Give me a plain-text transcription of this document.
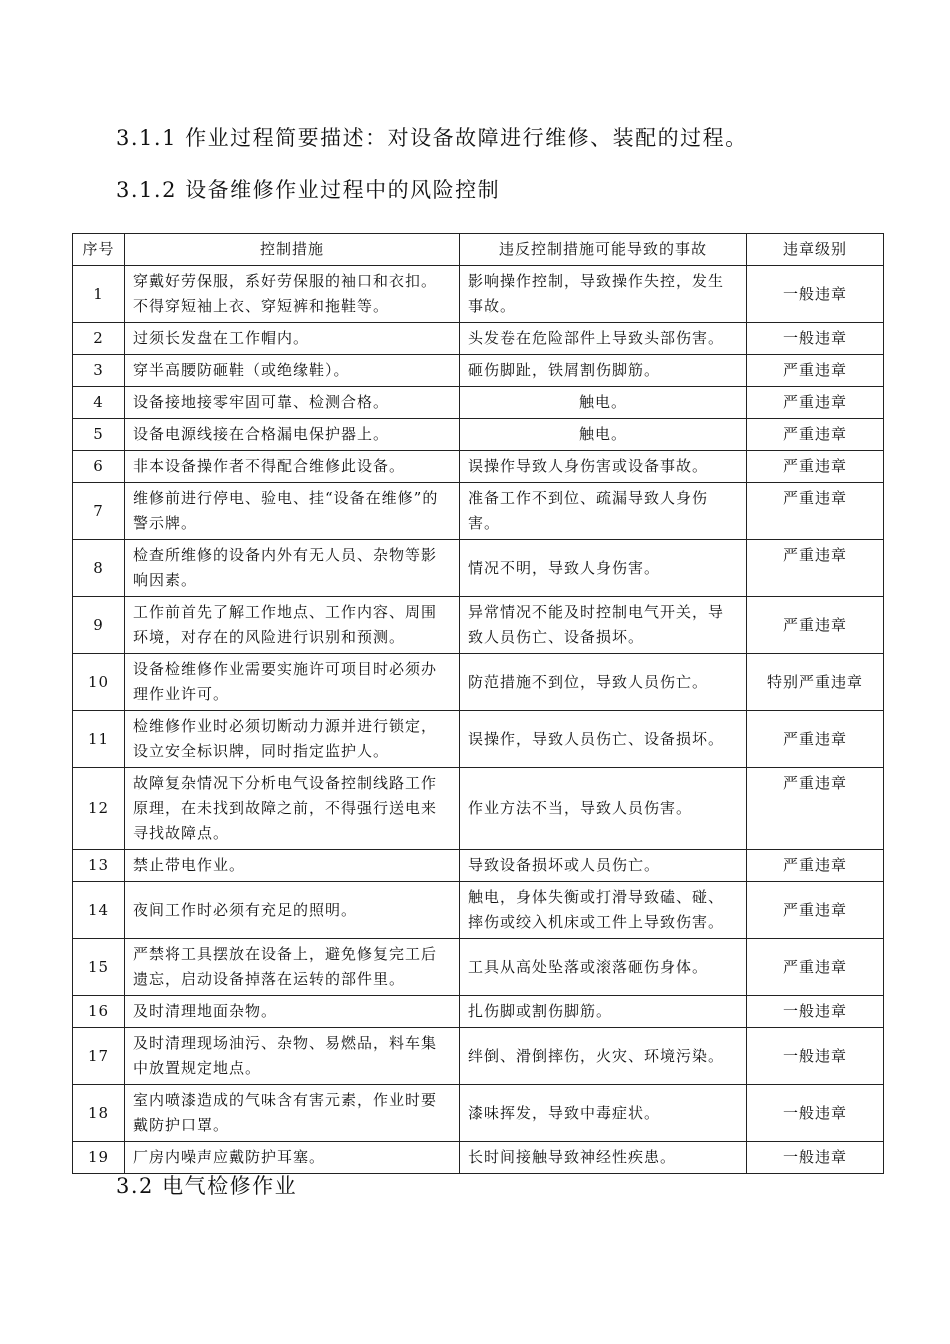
3.1.1 作业过程简要描述：对设备故障进行维修、装配的过程。
3.1.2 设备维修作业过程中的风险控制
序号	控制措施	违反控制措施可能导致的事故	违章级别
1	穿戴好劳保服，系好劳保服的袖口和衣扣。不得穿短袖上衣、穿短裤和拖鞋等。	影响操作控制，导致操作失控，发生事故。	一般违章
2	过须长发盘在工作帽内。	头发卷在危险部件上导致头部伤害。	一般违章
3	穿半高腰防砸鞋（或绝缘鞋）。	砸伤脚趾，铁屑割伤脚筋。	严重违章
4	设备接地接零牢固可靠、检测合格。	触电。	严重违章
5	设备电源线接在合格漏电保护器上。	触电。	严重违章
6	非本设备操作者不得配合维修此设备。	误操作导致人身伤害或设备事故。	严重违章
7	维修前进行停电、验电、挂“设备在维修”的警示牌。	准备工作不到位、疏漏导致人身伤害。	严重违章
8	检查所维修的设备内外有无人员、杂物等影响因素。	情况不明，导致人身伤害。	严重违章
9	工作前首先了解工作地点、工作内容、周围环境，对存在的风险进行识别和预测。	异常情况不能及时控制电气开关，导致人员伤亡、设备损坏。	严重违章
10	设备检维修作业需要实施许可项目时必须办理作业许可。	防范措施不到位，导致人员伤亡。	特别严重违章
11	检维修作业时必须切断动力源并进行锁定，设立安全标识牌，同时指定监护人。	误操作，导致人员伤亡、设备损坏。	严重违章
12	故障复杂情况下分析电气设备控制线路工作原理，在未找到故障之前，不得强行送电来寻找故障点。	作业方法不当，导致人员伤害。	严重违章
13	禁止带电作业。	导致设备损坏或人员伤亡。	严重违章
14	夜间工作时必须有充足的照明。	触电，身体失衡或打滑导致磕、碰、摔伤或绞入机床或工件上导致伤害。	严重违章
15	严禁将工具摆放在设备上，避免修复完工后遗忘，启动设备掉落在运转的部件里。	工具从高处坠落或滚落砸伤身体。	严重违章
16	及时清理地面杂物。	扎伤脚或割伤脚筋。	一般违章
17	及时清理现场油污、杂物、易燃品，料车集中放置规定地点。	绊倒、滑倒摔伤，火灾、环境污染。	一般违章
18	室内喷漆造成的气味含有害元素，作业时要戴防护口罩。	漆味挥发，导致中毒症状。	一般违章
19	厂房内噪声应戴防护耳塞。	长时间接触导致神经性疾患。	一般违章
3.2 电气检修作业
